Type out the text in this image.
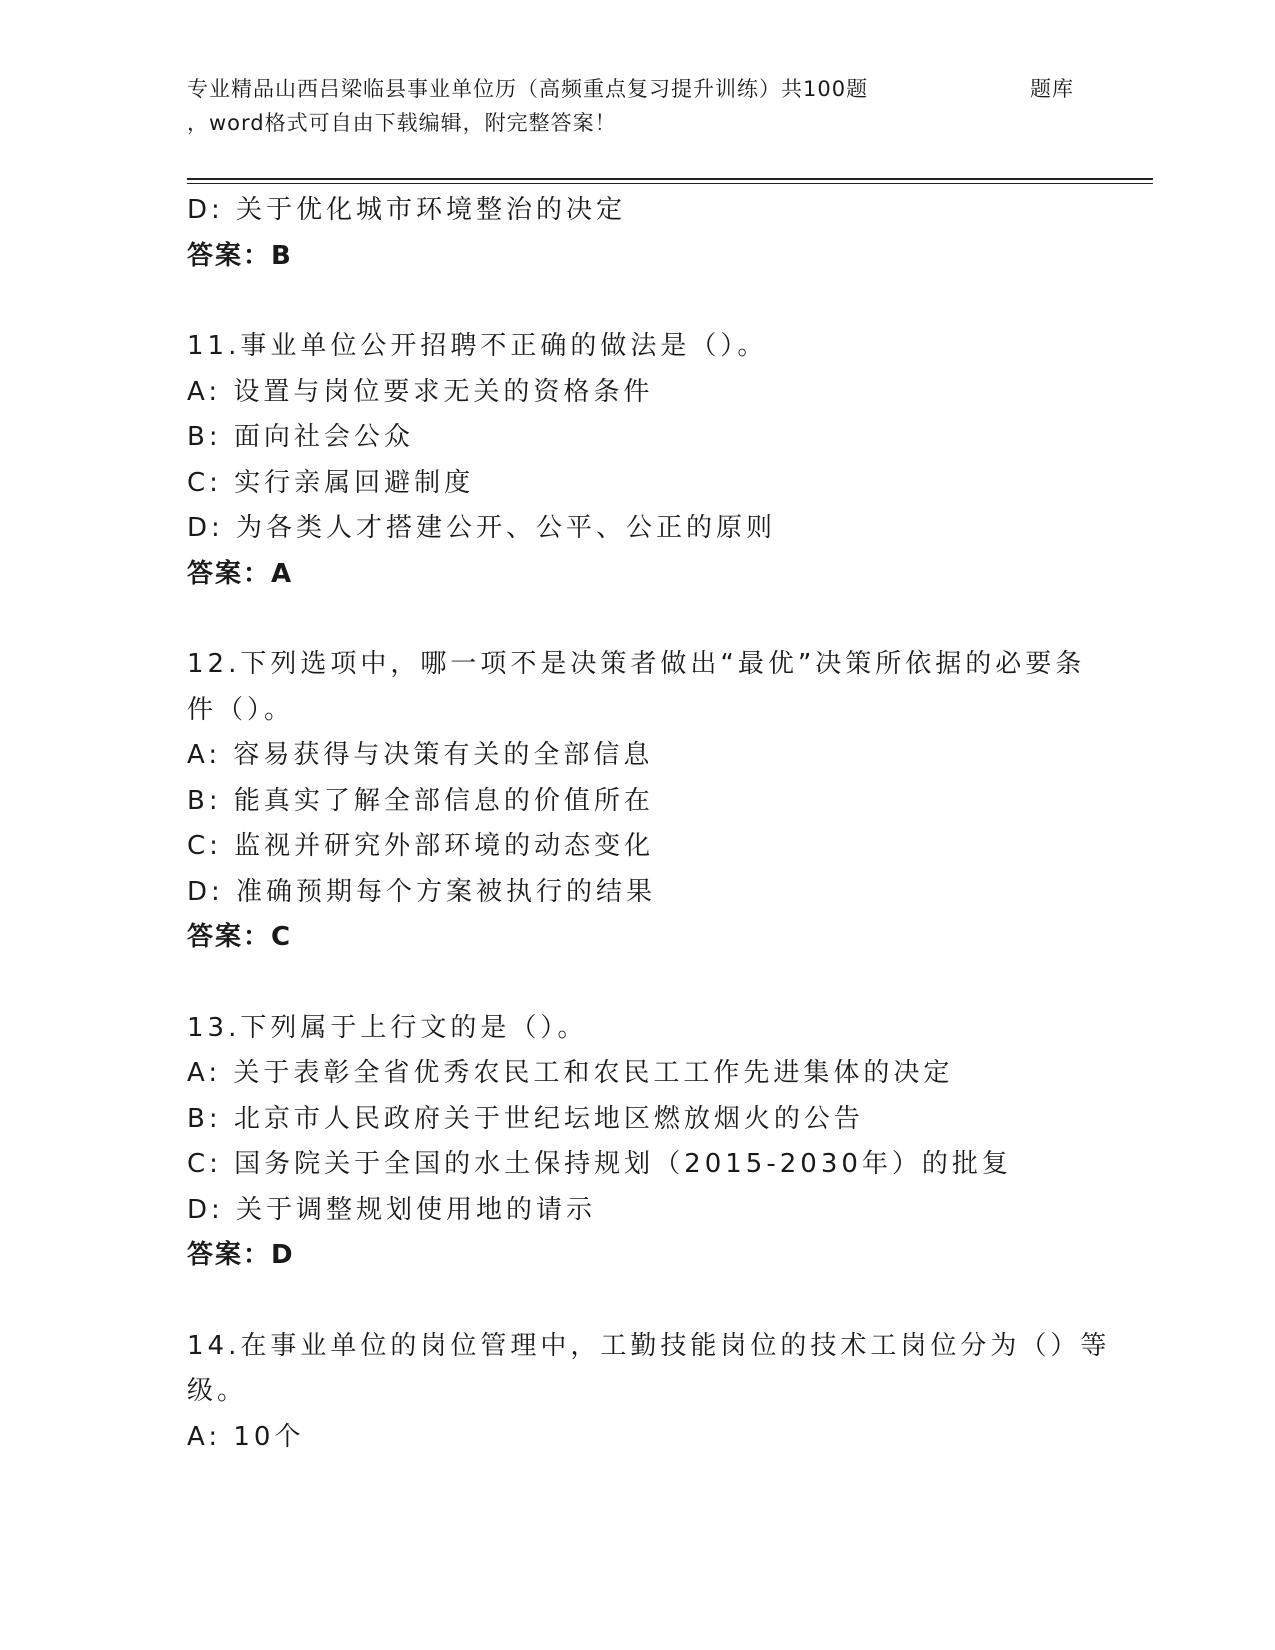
专业精品山西吕梁临县事业单位历（高频重点复习提升训练）共100题	题库
，word格式可自由下载编辑，附完整答案！
D: 关于优化城市环境整治的决定
答案：B
11.事业单位公开招聘不正确的做法是（）。
A: 设置与岗位要求无关的资格条件
B: 面向社会公众
C: 实行亲属回避制度
D: 为各类人才搭建公开、公平、公正的原则
答案：A
12.下列选项中，哪一项不是决策者做出“最优”决策所依据的必要条
件（）。
A: 容易获得与决策有关的全部信息
B: 能真实了解全部信息的价值所在
C: 监视并研究外部环境的动态变化
D: 准确预期每个方案被执行的结果
答案：C
13.下列属于上行文的是（）。
A: 关于表彰全省优秀农民工和农民工工作先进集体的决定
B: 北京市人民政府关于世纪坛地区燃放烟火的公告
C: 国务院关于全国的水土保持规划（2015-2030年）的批复
D: 关于调整规划使用地的请示
答案：D
14.在事业单位的岗位管理中，工勤技能岗位的技术工岗位分为（）等
级。
A: 10个
